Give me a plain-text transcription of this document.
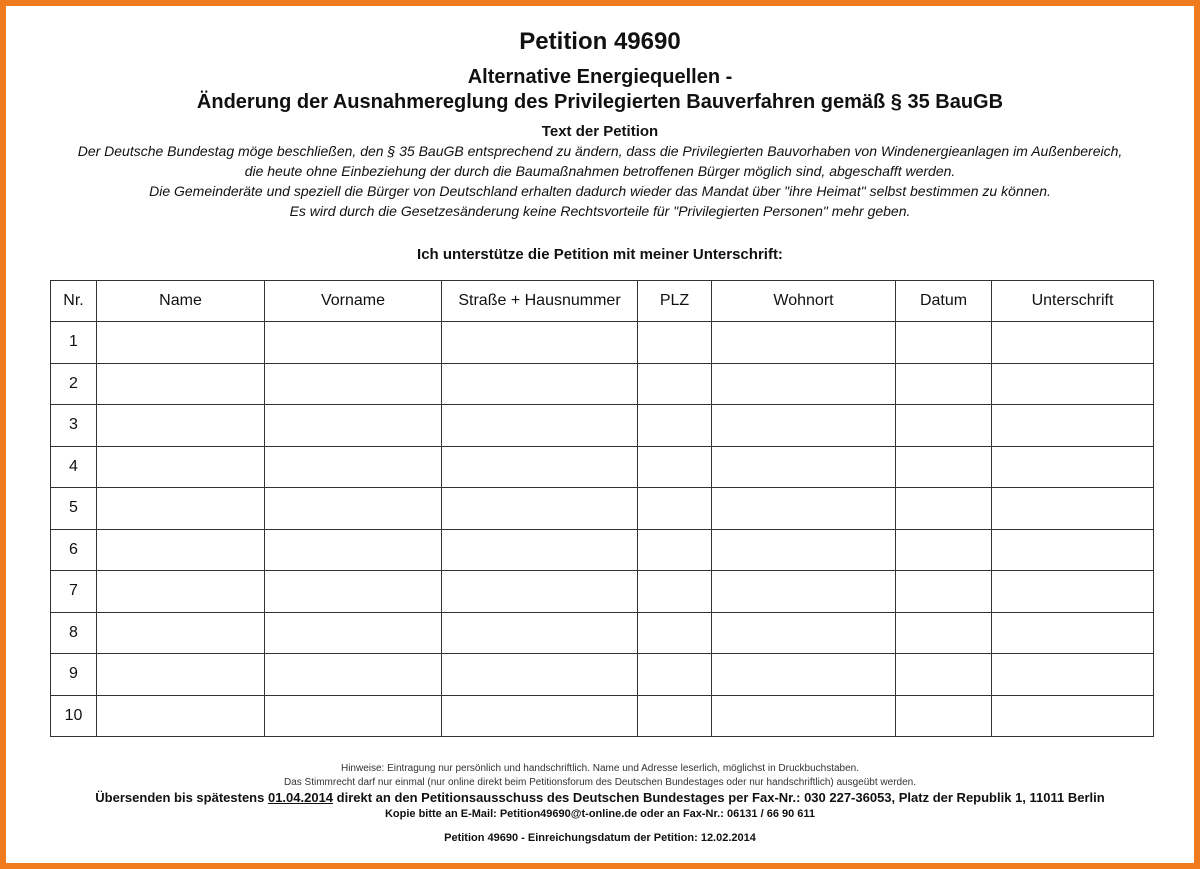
Petition 49690
Alternative Energiequellen -
Änderung der Ausnahmereglung des Privilegierten Bauverfahren gemäß § 35 BauGB
Text der Petition
Der Deutsche Bundestag möge beschließen, den § 35 BauGB entsprechend zu ändern, dass die Privilegierten Bauvorhaben von Windenergieanlagen im Außenbereich,
die heute ohne Einbeziehung der durch die Baumaßnahmen betroffenen Bürger möglich sind, abgeschafft werden.
Die Gemeinderäte und speziell die Bürger von Deutschland erhalten dadurch wieder das Mandat über "ihre Heimat" selbst bestimmen zu können.
Es wird durch die Gesetzesänderung keine Rechtsvorteile für "Privilegierten Personen" mehr geben.
Ich unterstütze die Petition mit meiner Unterschrift:
Nr.	Name	Vorname	Straße + Hausnummer	PLZ	Wohnort	Datum	Unterschrift
1							
2							
3							
4							
5							
6							
7							
8							
9							
10							
Hinweise: Eintragung nur persönlich und handschriftlich. Name und Adresse leserlich, möglichst in Druckbuchstaben.
Das Stimmrecht darf nur einmal (nur online direkt beim Petitionsforum des Deutschen Bundestages oder nur handschriftlich) ausgeübt werden.
Übersenden bis spätestens 01.04.2014 direkt an den Petitionsausschuss des Deutschen Bundestages per Fax-Nr.: 030 227-36053, Platz der Republik 1, 11011 Berlin
Kopie bitte an E-Mail: Petition49690@t-online.de oder an Fax-Nr.: 06131 / 66 90 611
Petition 49690 - Einreichungsdatum der Petition: 12.02.2014
